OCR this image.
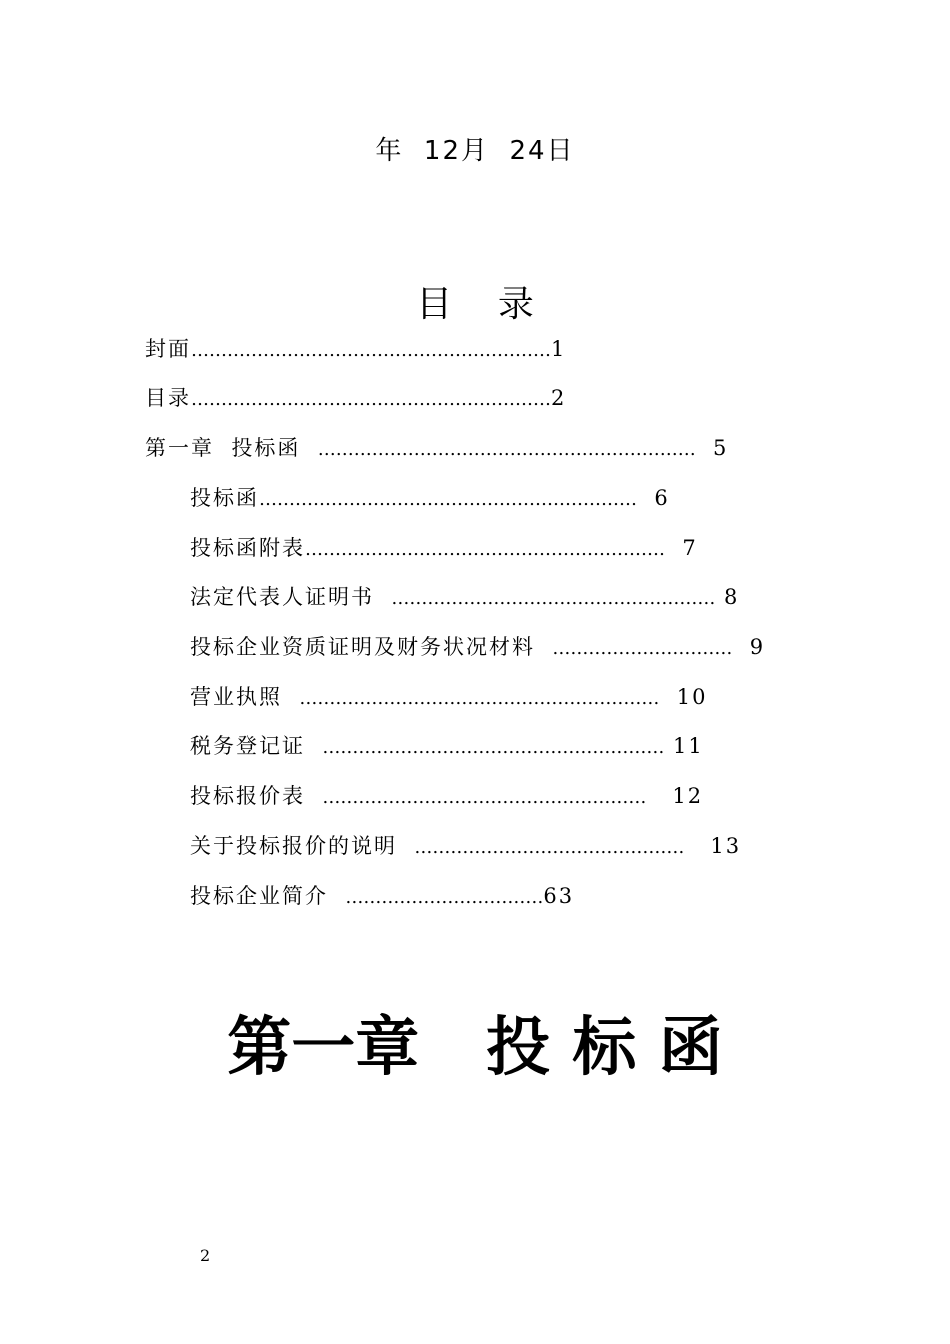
年  12月  24日
目    录
封面……………………………………………………1
目录……………………………………………………2
第一章  投标函  ………………………………………………………  5
投标函………………………………………………………  6
投标函附表……………………………………………………  7
法定代表人证明书  ……………………………………………… 8
投标企业资质证明及财务状况材料  …………………………  9
营业执照  ……………………………………………………  10
税务登记证  ………………………………………………… 11
投标报价表  ………………………………………………   12
关于投标报价的说明  ………………………………………   13
投标企业简介  ……………………………63
第一章   投 标 函
2
